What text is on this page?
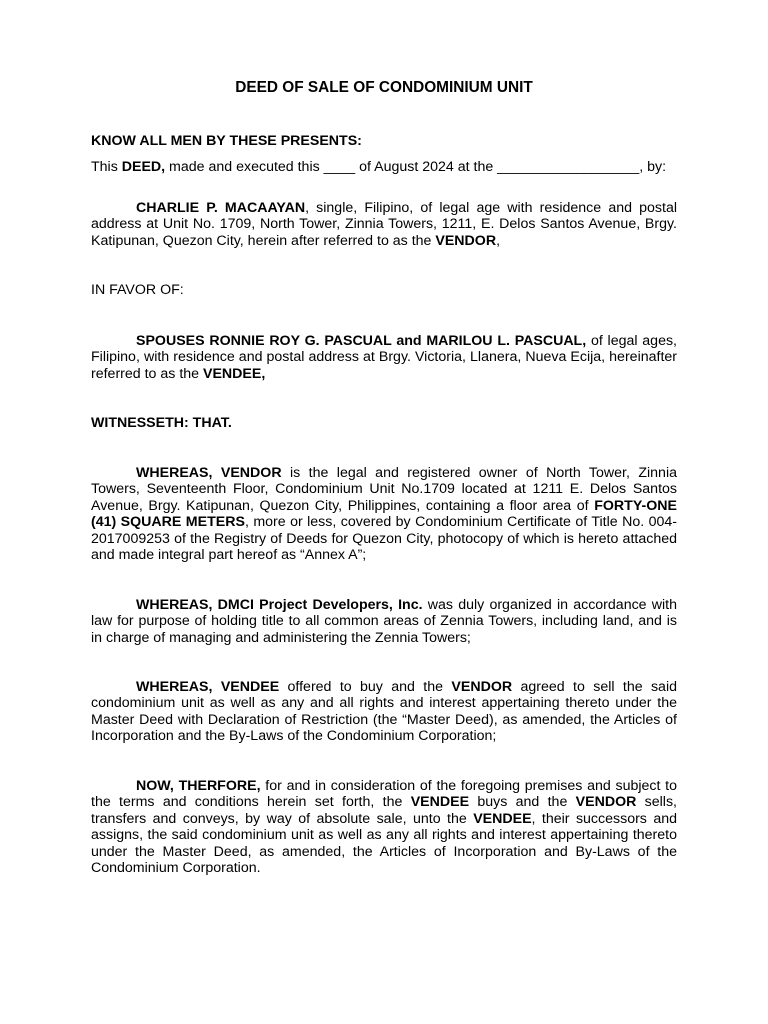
DEED OF SALE OF CONDOMINIUM UNIT

KNOW ALL MEN BY THESE PRESENTS:

This DEED, made and executed this ____ of August 2024 at the __________________, by:

CHARLIE P. MACAAYAN, single, Filipino, of legal age with residence and postal address at Unit No. 1709, North Tower, Zinnia Towers, 1211, E. Delos Santos Avenue, Brgy. Katipunan, Quezon City, herein after referred to as the VENDOR,

IN FAVOR OF:

SPOUSES RONNIE ROY G. PASCUAL and MARILOU L. PASCUAL, of legal ages, Filipino, with residence and postal address at Brgy. Victoria, Llanera, Nueva Ecija, hereinafter referred to as the VENDEE,

WITNESSETH: THAT.

WHEREAS, VENDOR is the legal and registered owner of North Tower, Zinnia Towers, Seventeenth Floor, Condominium Unit No.1709 located at 1211 E. Delos Santos Avenue, Brgy. Katipunan, Quezon City, Philippines, containing a floor area of FORTY-ONE (41) SQUARE METERS, more or less, covered by Condominium Certificate of Title No. 004-2017009253 of the Registry of Deeds for Quezon City, photocopy of which is hereto attached and made integral part hereof as “Annex A”;

WHEREAS, DMCI Project Developers, Inc. was duly organized in accordance with law for purpose of holding title to all common areas of Zennia Towers, including land, and is in charge of managing and administering the Zennia Towers;

WHEREAS, VENDEE offered to buy and the VENDOR agreed to sell the said condominium unit as well as any and all rights and interest appertaining thereto under the Master Deed with Declaration of Restriction (the “Master Deed), as amended, the Articles of Incorporation and the By-Laws of the Condominium Corporation;

NOW, THERFORE, for and in consideration of the foregoing premises and subject to the terms and conditions herein set forth, the VENDEE buys and the VENDOR sells, transfers and conveys, by way of absolute sale, unto the VENDEE, their successors and assigns, the said condominium unit as well as any all rights and interest appertaining thereto under the Master Deed, as amended, the Articles of Incorporation and By-Laws of the Condominium Corporation.
